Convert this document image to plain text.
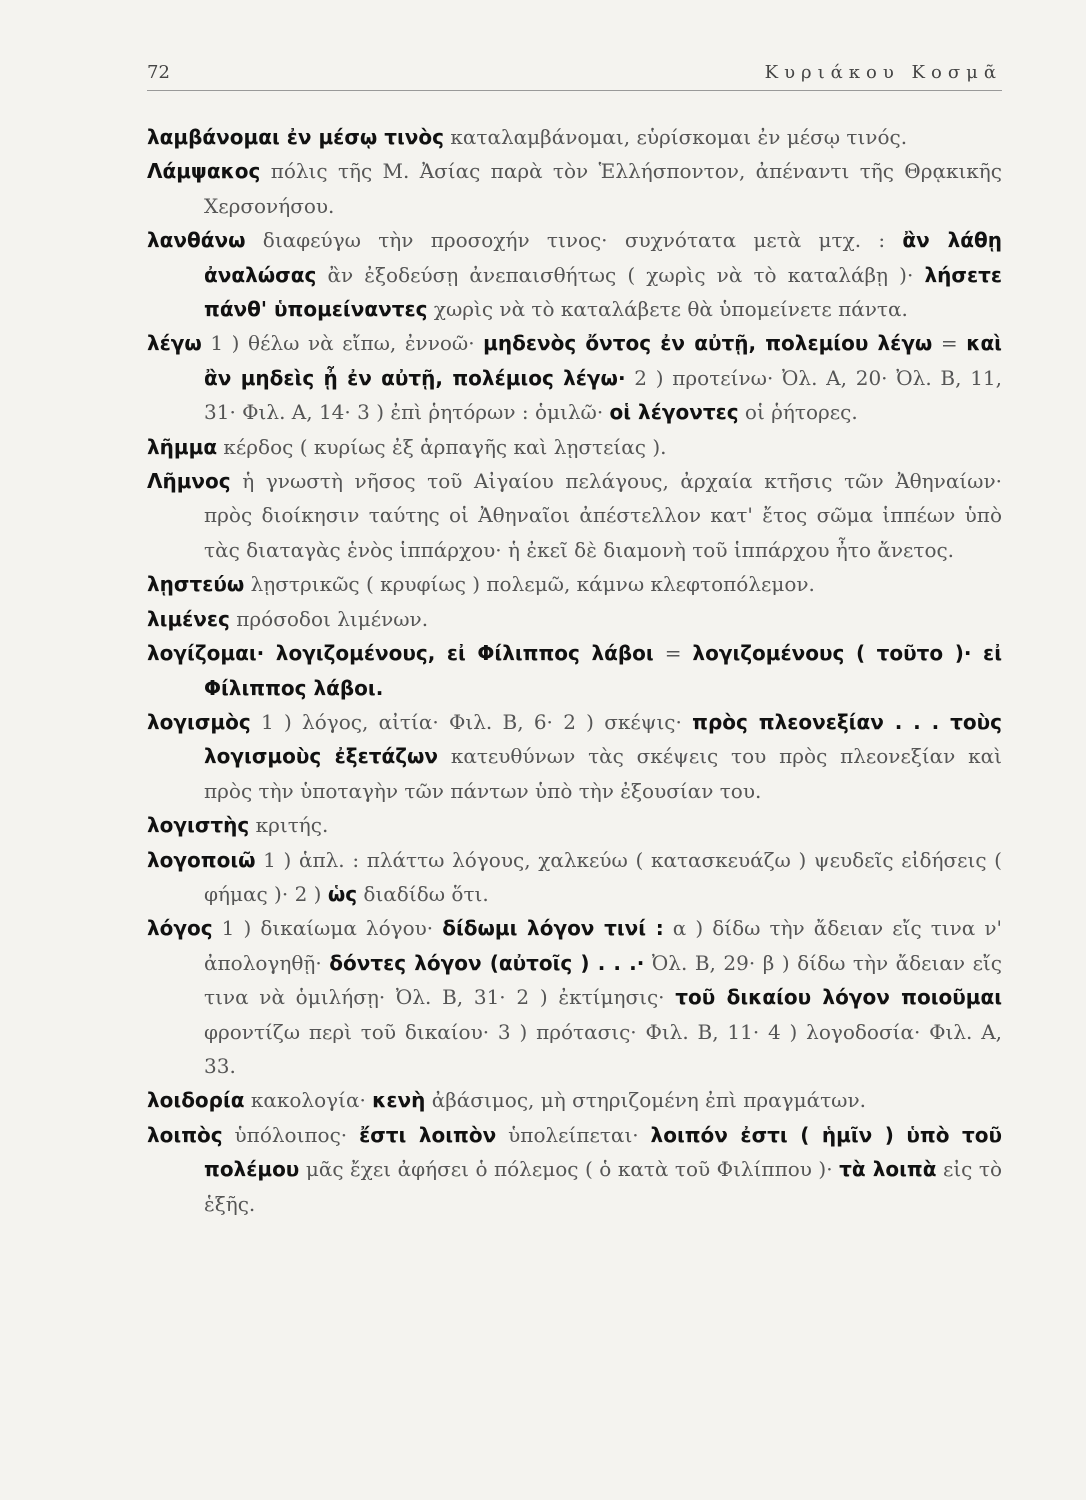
72	Κυριάκου Κοσμᾶ

λαμβάνομαι ἐν μέσῳ τινὸς καταλαμβάνομαι, εὑρίσκομαι ἐν μέσῳ τινός.

Λάμψακος πόλις τῆς Μ. Ἀσίας παρὰ τὸν Ἑλλήσποντον, ἀπέναντι τῆς Θρᾳκικῆς Χερσονήσου.

λανθάνω διαφεύγω τὴν προσοχήν τινος· συχνότατα μετὰ μτχ. : ἂν λάθῃ ἀναλώσας ἂν ἐξοδεύσῃ ἀνεπαισθήτως ( χωρὶς νὰ τὸ καταλάβῃ )· λήσετε πάνθ' ὑπομείναντες χωρὶς νὰ τὸ καταλάβετε θὰ ὑπομείνετε πάντα.

λέγω 1 ) θέλω νὰ εἴπω, ἐννοῶ· μηδενὸς ὄντος ἐν αὐτῇ, πολεμίου λέγω = καὶ ἂν μηδεὶς ᾖ ἐν αὐτῇ, πολέμιος λέγω· 2 ) προτείνω· Ὀλ. Α, 20· Ὀλ. Β, 11, 31· Φιλ. Α, 14· 3 ) ἐπὶ ῥητόρων : ὁμιλῶ· οἱ λέγοντες οἱ ῥήτορες.

λῆμμα κέρδος ( κυρίως ἐξ ἁρπαγῆς καὶ λῃστείας ).

Λῆμνος ἡ γνωστὴ νῆσος τοῦ Αἰγαίου πελάγους, ἀρχαία κτῆσις τῶν Ἀθηναίων· πρὸς διοίκησιν ταύτης οἱ Ἀθηναῖοι ἀπέστελλον κατ' ἔτος σῶμα ἱππέων ὑπὸ τὰς διαταγὰς ἑνὸς ἱππάρχου· ἡ ἐκεῖ δὲ διαμονὴ τοῦ ἱππάρχου ἦτο ἄνετος.

λῃστεύω λῃστρικῶς ( κρυφίως ) πολεμῶ, κάμνω κλεφτοπόλεμον.

λιμένες πρόσοδοι λιμένων.

λογίζομαι· λογιζομένους, εἰ Φίλιππος λάβοι = λογιζομένους ( τοῦτο )· εἰ Φίλιππος λάβοι.

λογισμὸς 1 ) λόγος, αἰτία· Φιλ. Β, 6· 2 ) σκέψις· πρὸς πλεονεξίαν . . . τοὺς λογισμοὺς ἐξετάζων κατευθύνων τὰς σκέψεις του πρὸς πλεονεξίαν καὶ πρὸς τὴν ὑποταγὴν τῶν πάντων ὑπὸ τὴν ἐξουσίαν του.

λογιστὴς κριτής.

λογοποιῶ 1 ) ἁπλ. : πλάττω λόγους, χαλκεύω ( κατασκευάζω ) ψευδεῖς εἰδήσεις ( φήμας )· 2 ) ὡς διαδίδω ὅτι.

λόγος 1 ) δικαίωμα λόγου· δίδωμι λόγον τινί : α ) δίδω τὴν ἄδειαν εἴς τινα ν' ἀπολογηθῇ· δόντες λόγον (αὐτοῖς ) . . .· Ὀλ. Β, 29· β ) δίδω τὴν ἄδειαν εἴς τινα νὰ ὁμιλήσῃ· Ὀλ. Β, 31· 2 ) ἐκτίμησις· τοῦ δικαίου λόγον ποιοῦμαι φροντίζω περὶ τοῦ δικαίου· 3 ) πρότασις· Φιλ. Β, 11· 4 ) λογοδοσία· Φιλ. Α, 33.

λοιδορία κακολογία· κενὴ ἀβάσιμος, μὴ στηριζομένη ἐπὶ πραγμάτων.

λοιπὸς ὑπόλοιπος· ἔστι λοιπὸν ὑπολείπεται· λοιπόν ἐστι ( ἡμῖν ) ὑπὸ τοῦ πολέμου μᾶς ἔχει ἀφήσει ὁ πόλεμος ( ὁ κατὰ τοῦ Φιλίππου )· τὰ λοιπὰ εἰς τὸ ἑξῆς.
